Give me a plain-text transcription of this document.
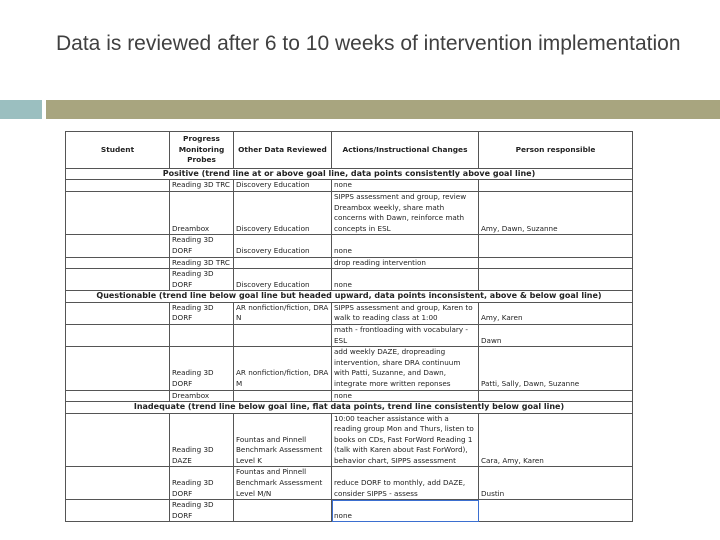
Data is reviewed after 6 to 10 weeks of intervention implementation
Student	Progress Monitoring Probes	Other Data Reviewed	Actions/Instructional Changes	Person responsible
Positive (trend line at or above goal line, data points consistently above goal line)				
	Reading 3D TRC	Discovery Education	none	
	Dreambox	Discovery Education	SIPPS assessment and group, review Dreambox weekly, share math concerns with Dawn, reinforce math concepts in ESL	Amy, Dawn, Suzanne
	Reading 3D DORF	Discovery Education	none	
	Reading 3D TRC		drop reading intervention	
	Reading 3D DORF	Discovery Education	none	
Questionable (trend line below goal line but headed upward, data points inconsistent, above & below goal line)				
	Reading 3D DORF	AR nonfiction/fiction, DRA N	SIPPS assessment and group, Karen to walk to reading class at 1:00	Amy, Karen
			math - frontloading with vocabulary - ESL	Dawn
	Reading 3D DORF	AR nonfiction/fiction, DRA M	add weekly DAZE, dropreading intervention, share DRA continuum with Patti, Suzanne, and Dawn, integrate more written reponses	Patti, Sally, Dawn, Suzanne
	Dreambox		none	
Inadequate (trend line below goal line, flat data points, trend line consistently below goal line)				
	Reading 3D DAZE	Fountas and Pinnell Benchmark Assessment Level K	10:00 teacher assistance with a reading group Mon and Thurs, listen to books on CDs, Fast ForWord Reading 1 (talk with Karen about Fast ForWord), behavior chart, SIPPS assessment	Cara, Amy, Karen
	Reading 3D DORF	Fountas and Pinnell Benchmark Assessment Level M/N	reduce DORF to monthly, add DAZE, consider SIPPS - assess	Dustin
	Reading 3D DORF		none	
